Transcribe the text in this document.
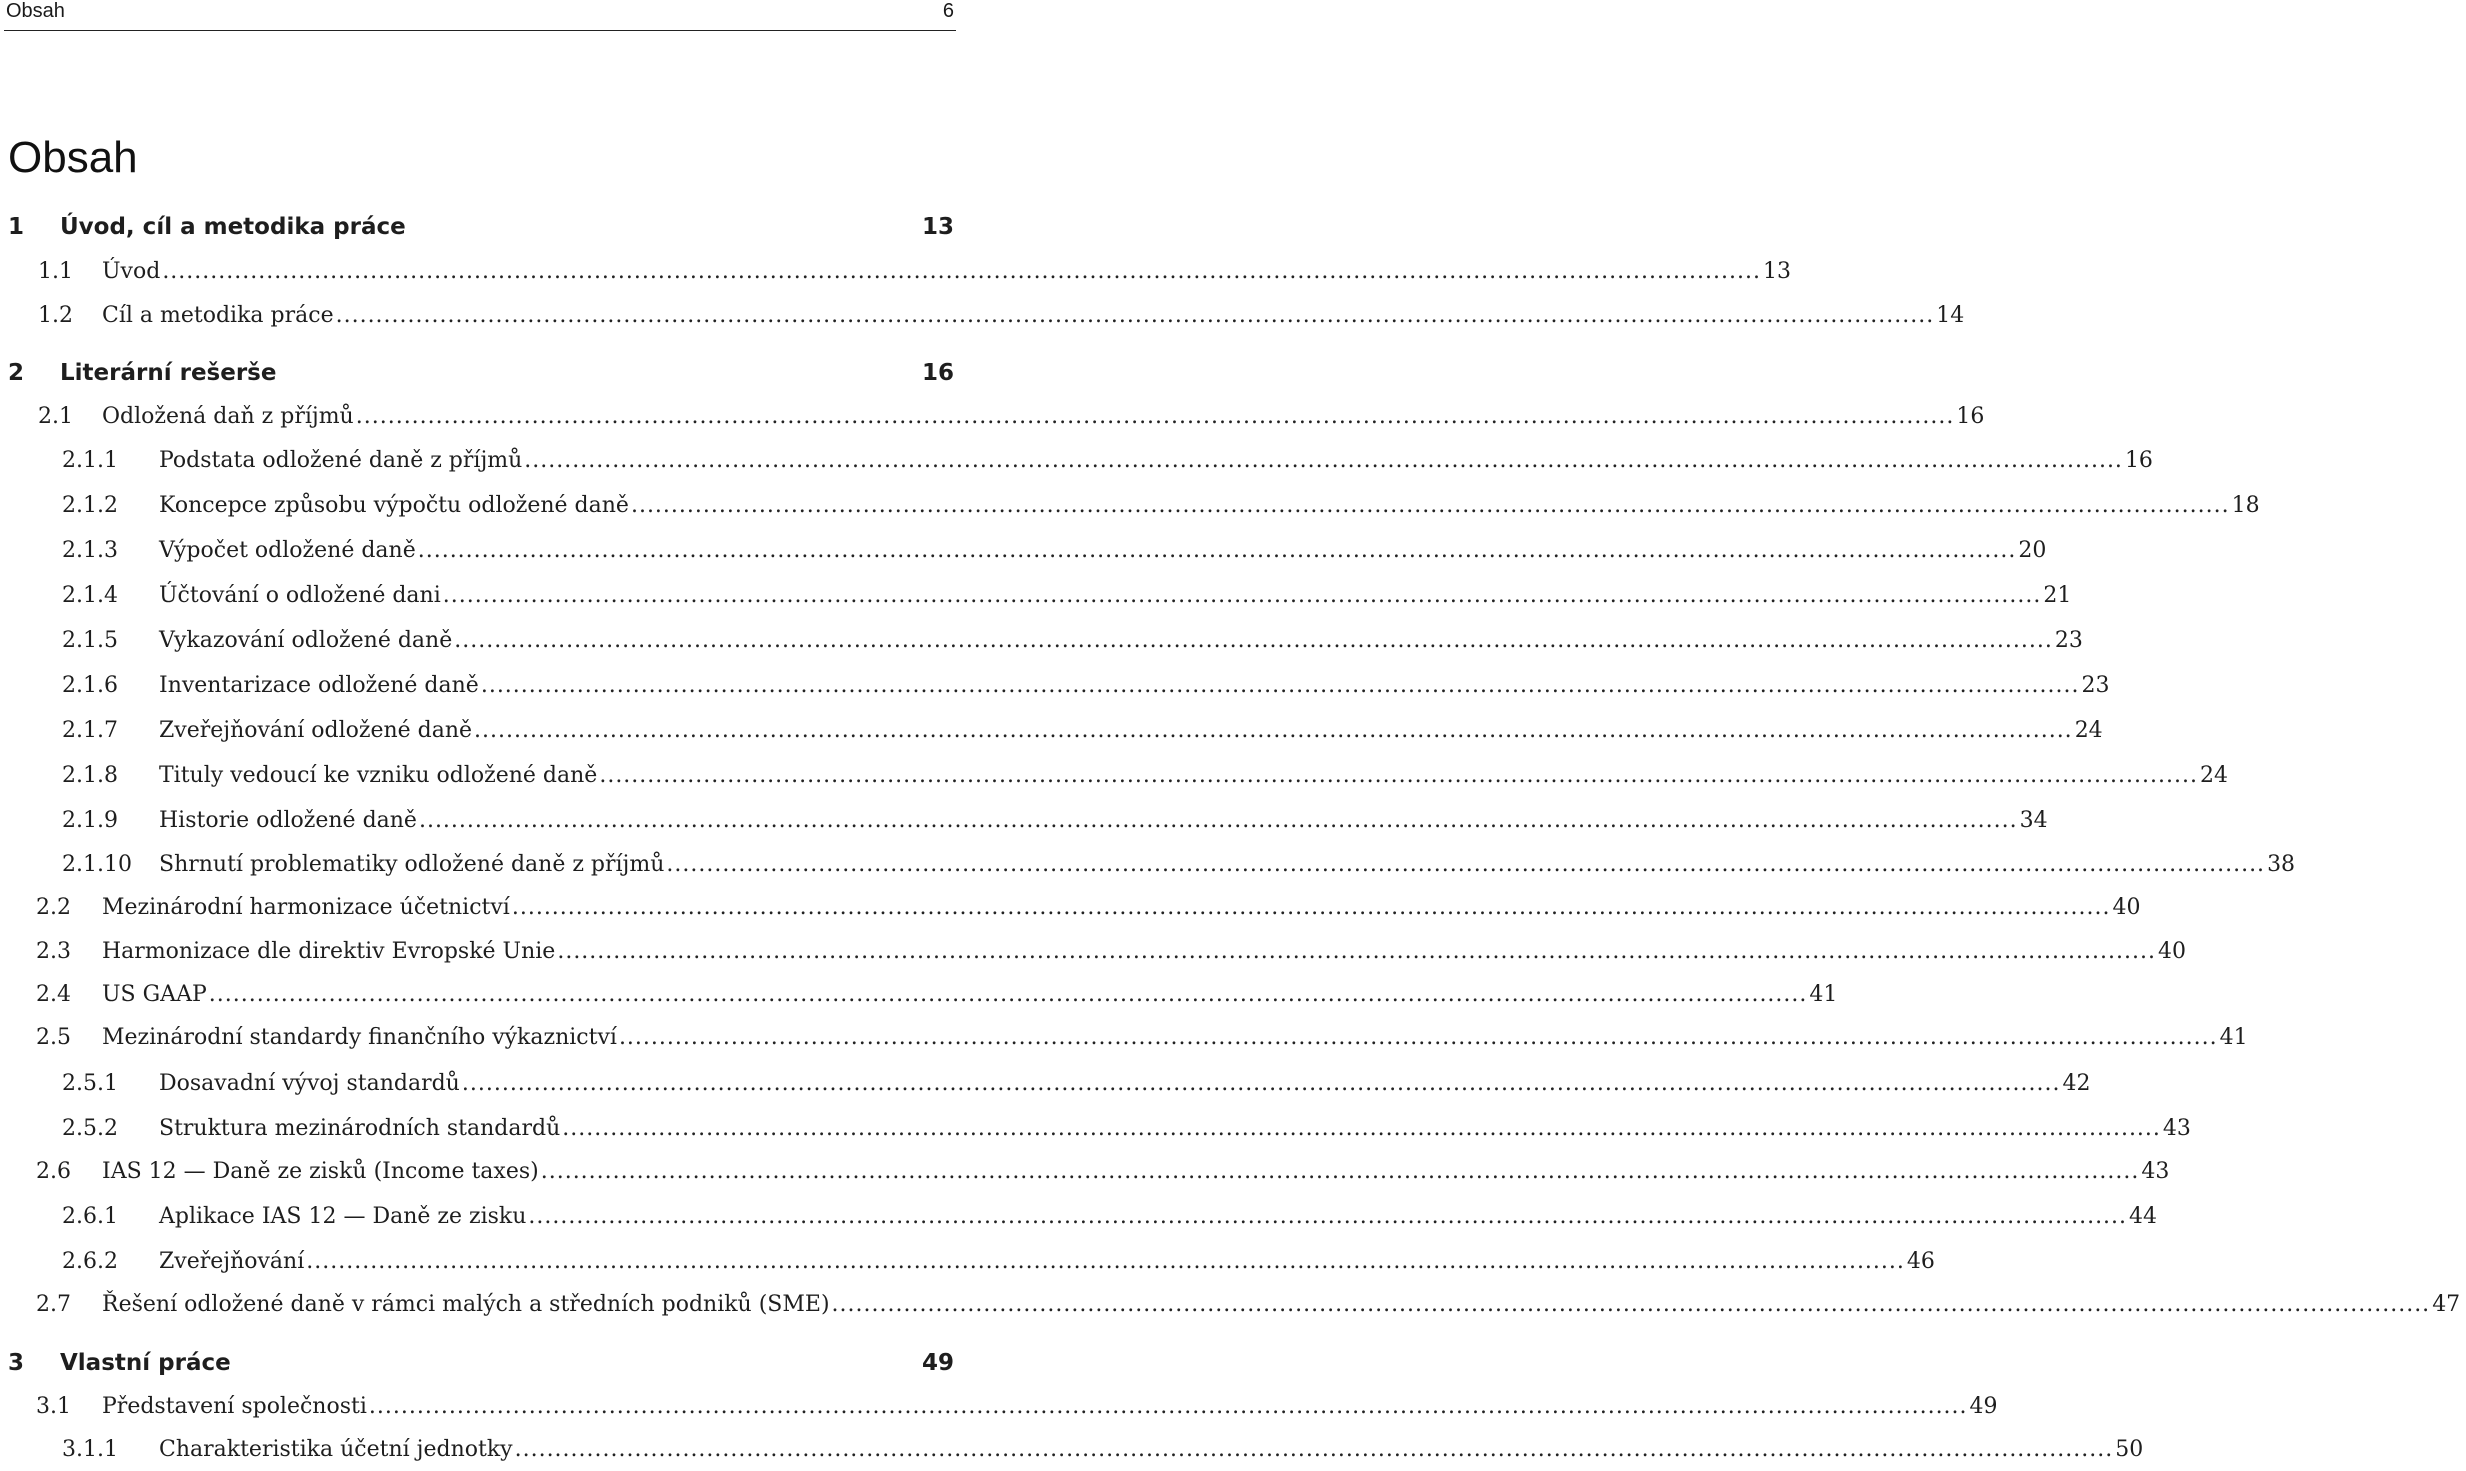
Obsah	6
Obsah
1	Úvod, cíl a metodika práce	13
1.1	Úvod ........................................................................................................................................................................................................ 13
1.2	Cíl a metodika práce ........................................................................................................................................................................................................ 14
2	Literární rešerše	16
2.1	Odložená daň z příjmů ........................................................................................................................................................................................................ 16
2.1.1	Podstata odložené daně z příjmů ........................................................................................................................................................................................................ 16
2.1.2	Koncepce způsobu výpočtu odložené daně ........................................................................................................................................................................................................ 18
2.1.3	Výpočet odložené daně ........................................................................................................................................................................................................ 20
2.1.4	Účtování o odložené dani ........................................................................................................................................................................................................ 21
2.1.5	Vykazování odložené daně ........................................................................................................................................................................................................ 23
2.1.6	Inventarizace odložené daně ........................................................................................................................................................................................................ 23
2.1.7	Zveřejňování odložené daně ........................................................................................................................................................................................................ 24
2.1.8	Tituly vedoucí ke vzniku odložené daně ........................................................................................................................................................................................................ 24
2.1.9	Historie odložené daně ........................................................................................................................................................................................................ 34
2.1.10	Shrnutí problematiky odložené daně z příjmů ........................................................................................................................................................................................................ 38
2.2	Mezinárodní harmonizace účetnictví ........................................................................................................................................................................................................ 40
2.3	Harmonizace dle direktiv Evropské Unie ........................................................................................................................................................................................................ 40
2.4	US GAAP ........................................................................................................................................................................................................ 41
2.5	Mezinárodní standardy finančního výkaznictví ........................................................................................................................................................................................................ 41
2.5.1	Dosavadní vývoj standardů ........................................................................................................................................................................................................ 42
2.5.2	Struktura mezinárodních standardů ........................................................................................................................................................................................................ 43
2.6	IAS 12 — Daně ze zisků (Income taxes) ........................................................................................................................................................................................................ 43
2.6.1	Aplikace IAS 12 — Daně ze zisku ........................................................................................................................................................................................................ 44
2.6.2	Zveřejňování ........................................................................................................................................................................................................ 46
2.7	Řešení odložené daně v rámci malých a středních podniků (SME) ........................................................................................................................................................................................................ 47
3	Vlastní práce	49
3.1	Představení společnosti ........................................................................................................................................................................................................ 49
3.1.1	Charakteristika účetní jednotky ........................................................................................................................................................................................................ 50
